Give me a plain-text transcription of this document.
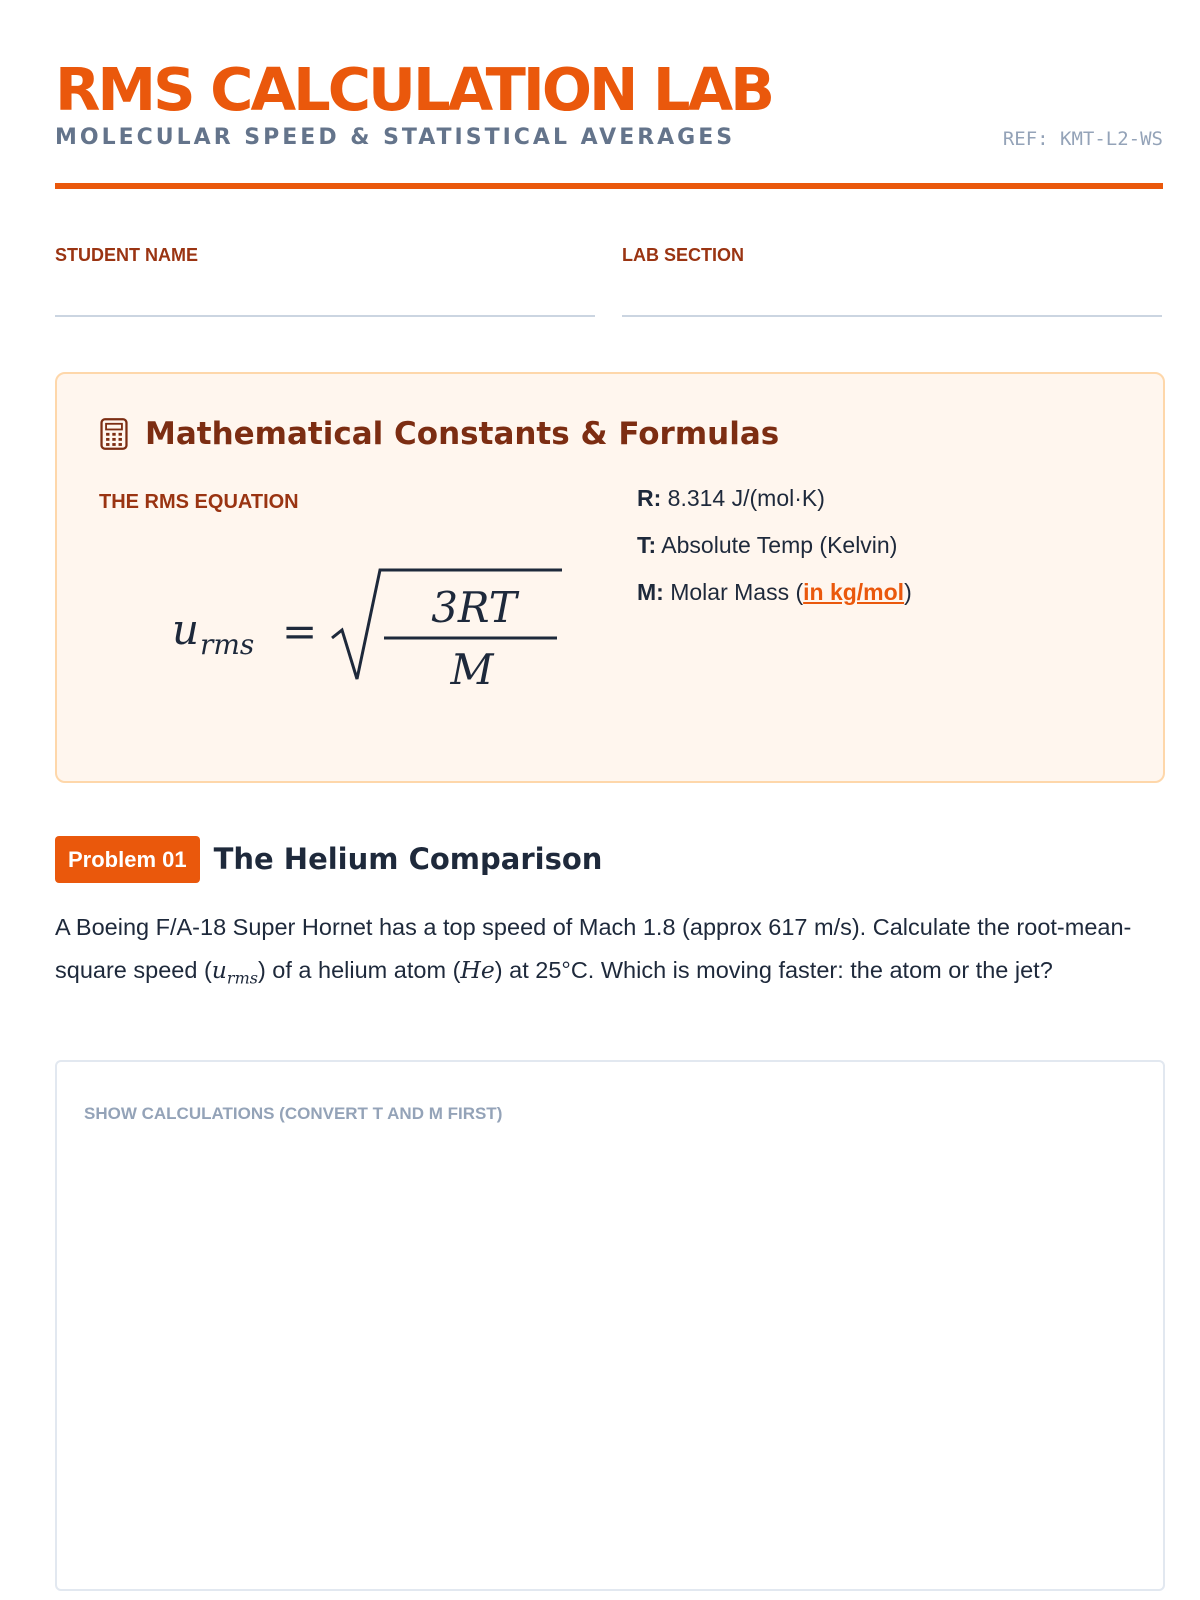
RMS CALCULATION LAB
MOLECULAR SPEED & STATISTICAL AVERAGES	REF: KMT-L2-WS
STUDENT NAME	LAB SECTION
Mathematical Constants & Formulas
THE RMS EQUATION
u rms =	3RT
M
R: 8.314 J/(mol·K)
T: Absolute Temp (Kelvin)
M: Molar Mass (in kg/mol)
Problem 01 The Helium Comparison
A Boeing F/A-18 Super Hornet has a top speed of Mach 1.8 (approx 617 m/s). Calculate the root-mean-square speed $(u_{rms})$ of a helium atom (He) at 25°C. Which is moving faster: the atom or the jet?
SHOW CALCULATIONS (CONVERT T AND M FIRST)
